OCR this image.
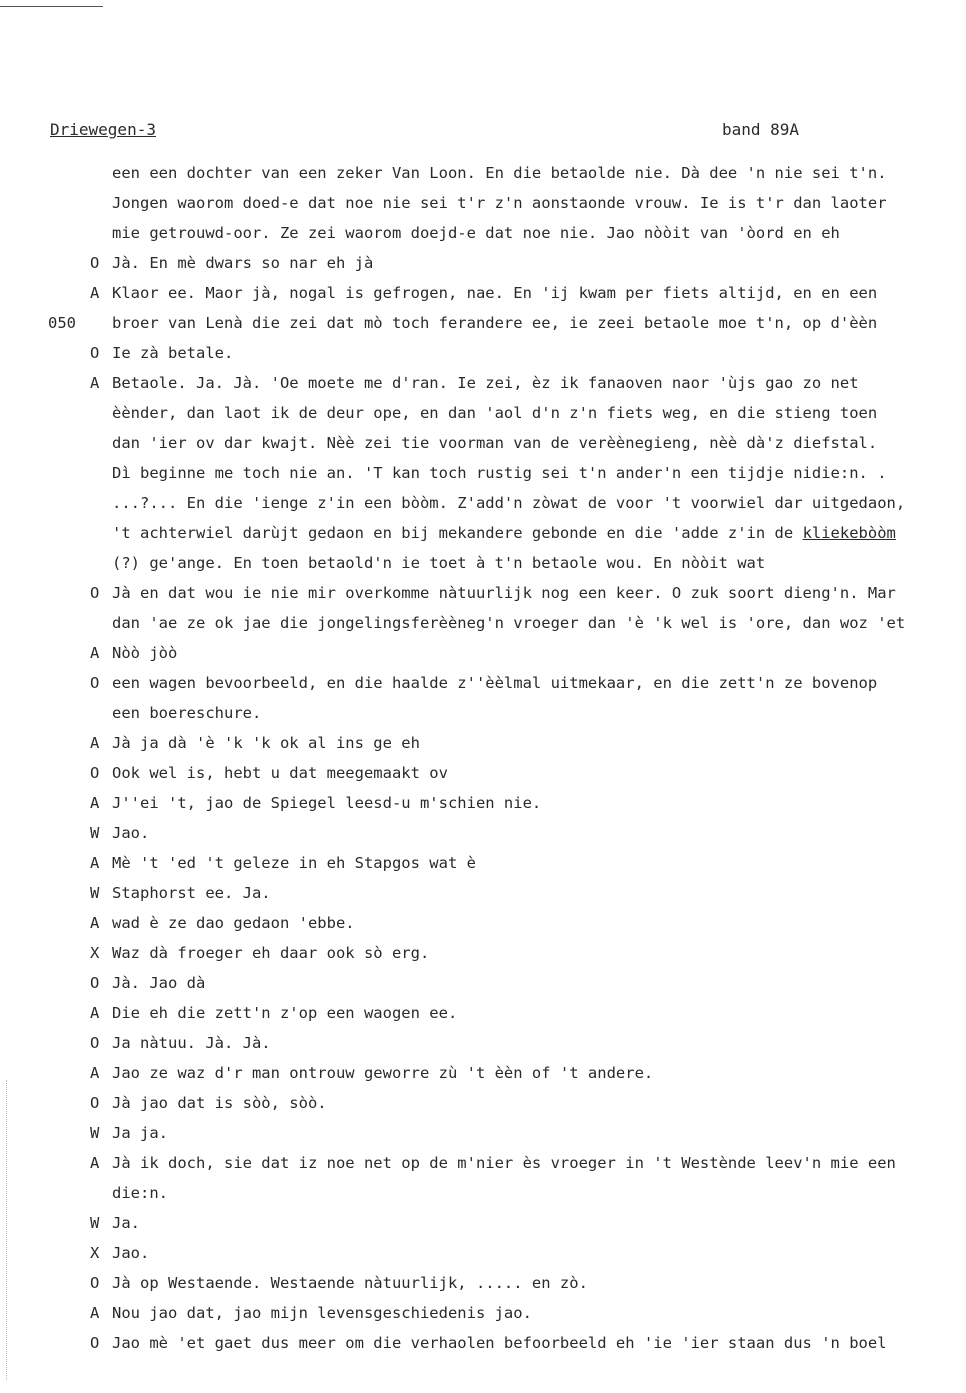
Driewegen-3	band 89A
een een dochter van een zeker Van Loon. En die betaolde nie. Dà dee 'n nie sei t'n.
Jongen waorom doed-e dat noe nie sei t'r z'n aonstaonde vrouw. Ie is t'r dan laoter
mie getrouwd-oor. Ze zei waorom doejd-e dat noe nie. Jao nòòit van 'òord en eh
O Jà. En mè dwars so nar eh jà
A Klaor ee. Maor jà, nogal is gefrogen, nae. En 'ij kwam per fiets altijd, en en een
050 broer van Lenà die zei dat mò toch ferandere ee, ie zeei betaole moe t'n, op d'èèn
O Ie zà betale.
A Betaole. Ja. Jà. 'Oe moete me d'ran. Ie zei, èz ik fanaoven naor 'ùjs gao zo net
èènder, dan laot ik de deur ope, en dan 'aol d'n z'n fiets weg, en die stieng toen
dan 'ier ov dar kwajt. Nèè zei tie voorman van de verèènegieng, nèè dà'z diefstal.
Dì beginne me toch nie an. 'T kan toch rustig sei t'n ander'n een tijdje nidie:n. .
...?... En die 'ienge z'in een bòòm. Z'add'n zòwat de voor 't voorwiel dar uitgedaon,
't achterwiel darùjt gedaon en bij mekandere gebonde en die 'adde z'in de kliekebòòm
(?) ge'ange. En toen betaold'n ie toet à t'n betaole wou. En nòòit wat
O Jà en dat wou ie nie mir overkomme nàtuurlijk nog een keer. O zuk soort dieng'n. Mar
dan 'ae ze ok jae die jongelingsferèèneg'n vroeger dan 'è 'k wel is 'ore, dan woz 'et
A Nòò jòò
O een wagen bevoorbeeld, en die haalde z''èèlmal uitmekaar, en die zett'n ze bovenop
een boereschure.
A Jà ja dà 'è 'k 'k ok al ins ge eh
O Ook wel is, hebt u dat meegemaakt ov
A J''ei 't, jao de Spiegel leesd-u m'schien nie.
W Jao.
A Mè 't 'ed 't geleze in eh Stapgos wat è
W Staphorst ee. Ja.
A wad è ze dao gedaon 'ebbe.
X Waz dà froeger eh daar ook sò erg.
O Jà. Jao dà
A Die eh die zett'n z'op een waogen ee.
O Ja nàtuu. Jà. Jà.
A Jao ze waz d'r man ontrouw geworre zù 't èèn of 't andere.
O Jà jao dat is sòò, sòò.
W Ja ja.
A Jà ik doch, sie dat iz noe net op de m'nier ès vroeger in 't Westènde leev'n mie een
die:n.
W Ja.
X Jao.
O Jà op Westaende. Westaende nàtuurlijk, ..... en zò.
A Nou jao dat, jao mijn levensgeschiedenis jao.
O Jao mè 'et gaet dus meer om die verhaolen befoorbeeld eh 'ie 'ier staan dus 'n boel
